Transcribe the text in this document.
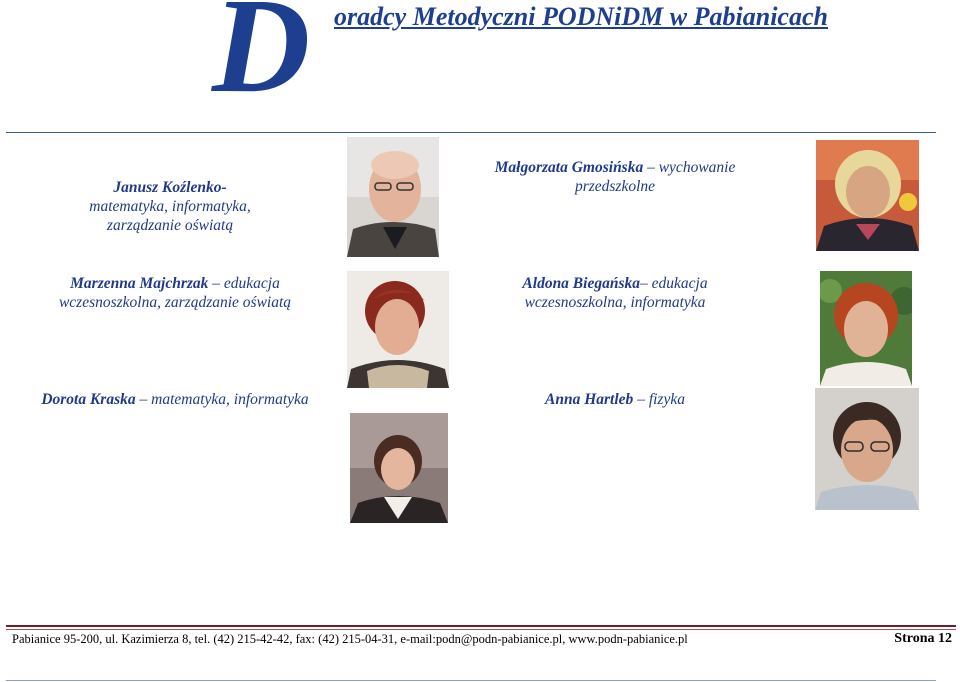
D oradcy Metodyczni PODNiDM w Pabianicach
Janusz Koźlenko-
matematyka, informatyka, zarządzanie oświatą
Małgorzata Gmosińska – wychowanie przedszkolne
Marzenna Majchrzak – edukacja wczesnoszkolna, zarządzanie oświatą
Aldona Biegańska– edukacja wczesnoszkolna, informatyka
Dorota Kraska – matematyka, informatyka	Anna Hartleb – fizyka
Pabianice 95-200, ul. Kazimierza 8, tel. (42) 215-42-42, fax: (42) 215-04-31, e-mail:podn@podn-pabianice.pl, www.podn-pabianice.pl	Strona 12
